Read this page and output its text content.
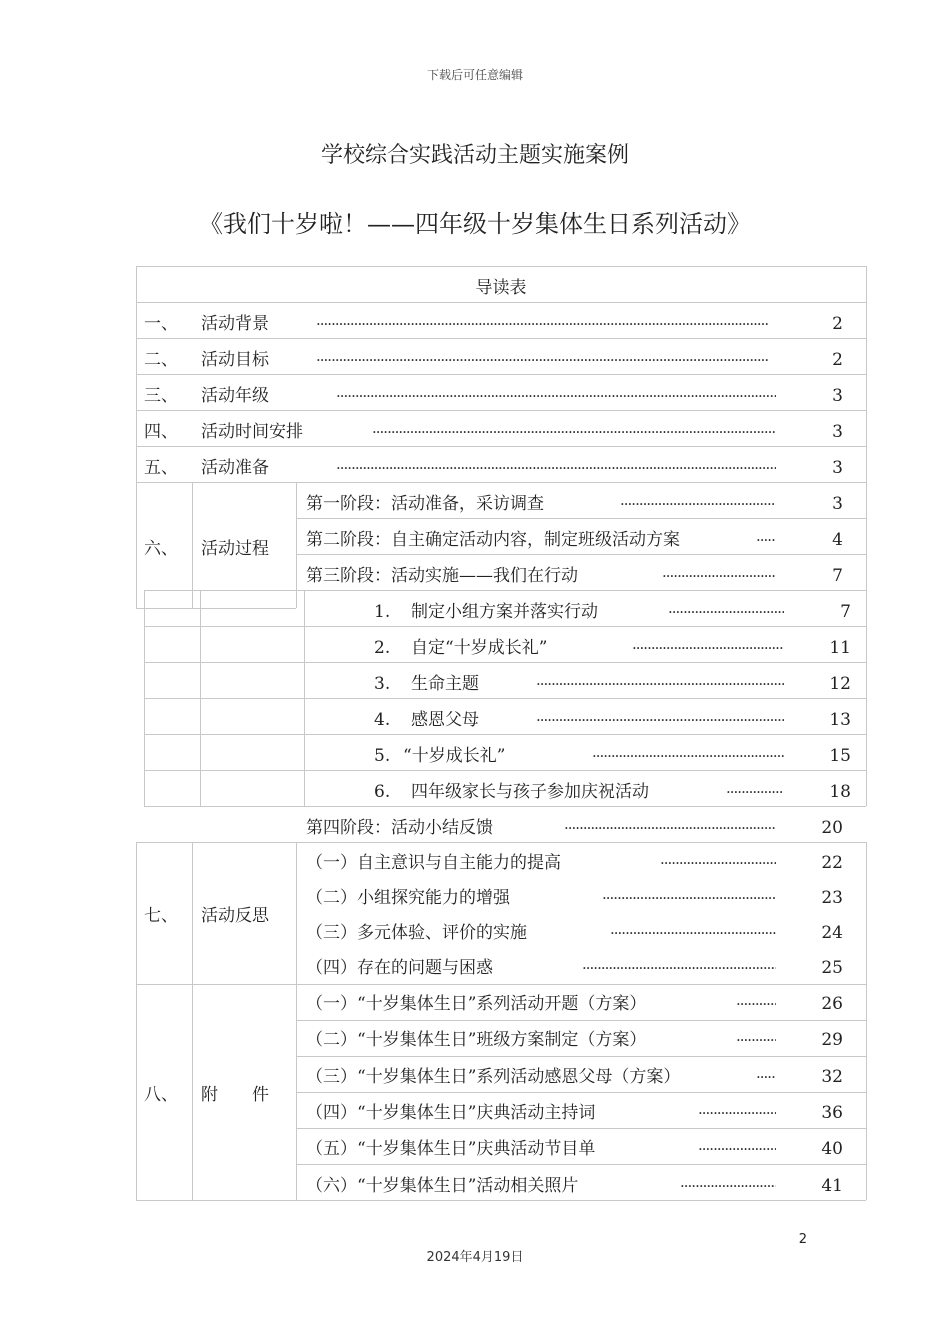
下载后可任意编辑
学校综合实践活动主题实施案例
《我们十岁啦！——四年级十岁集体生日系列活动》
导读表
一、 活动背景 ·····	2
二、 活动目标 ·····	2
三、 活动年级 ·····	3
四、 活动时间安排 ·····	3
五、 活动准备 ·····	3
六、 活动过程
第一阶段：活动准备，采访调查 ·····	3
第二阶段：自主确定活动内容，制定班级活动方案 ·····	4
第三阶段：活动实施——我们在行动 ·····	7
1. 制定小组方案并落实行动 ·····	7
2. 自定“十岁成长礼” ·····	11
3. 生命主题 ·····	12
4. 感恩父母 ·····	13
5. “十岁成长礼” ·····	15
6. 四年级家长与孩子参加庆祝活动 ·····	18
第四阶段：活动小结反馈 ·····	20
七、 活动反思
（一）自主意识与自主能力的提高 ·····	22
（二）小组探究能力的增强 ·····	23
（三）多元体验、评价的实施 ·····	24
（四）存在的问题与困惑 ·····	25
八、 附　　件
（一）“十岁集体生日”系列活动开题（方案） ·····	26
（二）“十岁集体生日”班级方案制定（方案） ·····	29
（三）“十岁集体生日”系列活动感恩父母（方案） ·····	32
（四）“十岁集体生日”庆典活动主持词 ·····	36
（五）“十岁集体生日”庆典活动节目单 ·····	40
（六）“十岁集体生日”活动相关照片 ·····	41
2
2024年4月19日
